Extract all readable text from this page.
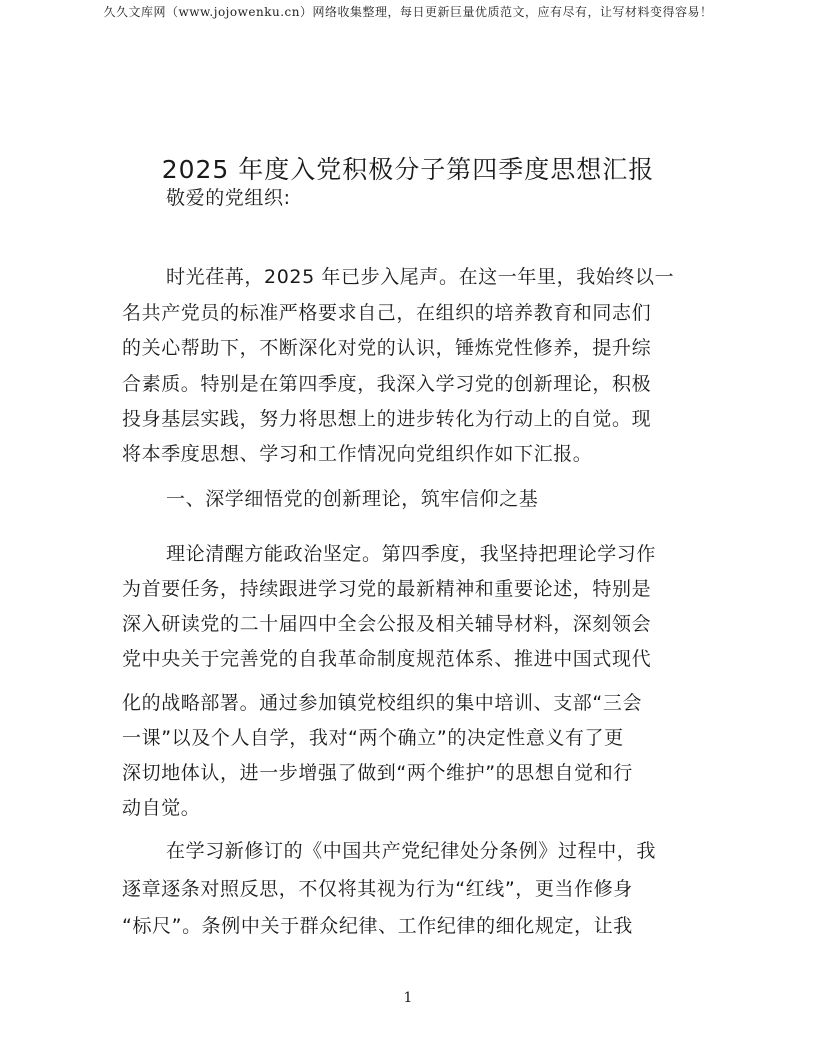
久久文库网（www.jojowenku.cn）网络收集整理，每日更新巨量优质范文，应有尽有，让写材料变得容易！
2025 年度入党积极分子第四季度思想汇报
敬爱的党组织:
时光荏苒，2025 年已步入尾声。在这一年里，我始终以一
名共产党员的标准严格要求自己，在组织的培养教育和同志们
的关心帮助下，不断深化对党的认识，锤炼党性修养，提升综
合素质。特别是在第四季度，我深入学习党的创新理论，积极
投身基层实践，努力将思想上的进步转化为行动上的自觉。现
将本季度思想、学习和工作情况向党组织作如下汇报。
一、深学细悟党的创新理论，筑牢信仰之基
理论清醒方能政治坚定。第四季度，我坚持把理论学习作
为首要任务，持续跟进学习党的最新精神和重要论述，特别是
深入研读党的二十届四中全会公报及相关辅导材料，深刻领会
党中央关于完善党的自我革命制度规范体系、推进中国式现代
化的战略部署。通过参加镇党校组织的集中培训、支部“三会
一课”以及个人自学，我对“两个确立”的决定性意义有了更
深切地体认，进一步增强了做到“两个维护”的思想自觉和行
动自觉。
在学习新修订的《中国共产党纪律处分条例》过程中，我
逐章逐条对照反思，不仅将其视为行为“红线”，更当作修身
“标尺”。条例中关于群众纪律、工作纪律的细化规定，让我
1
